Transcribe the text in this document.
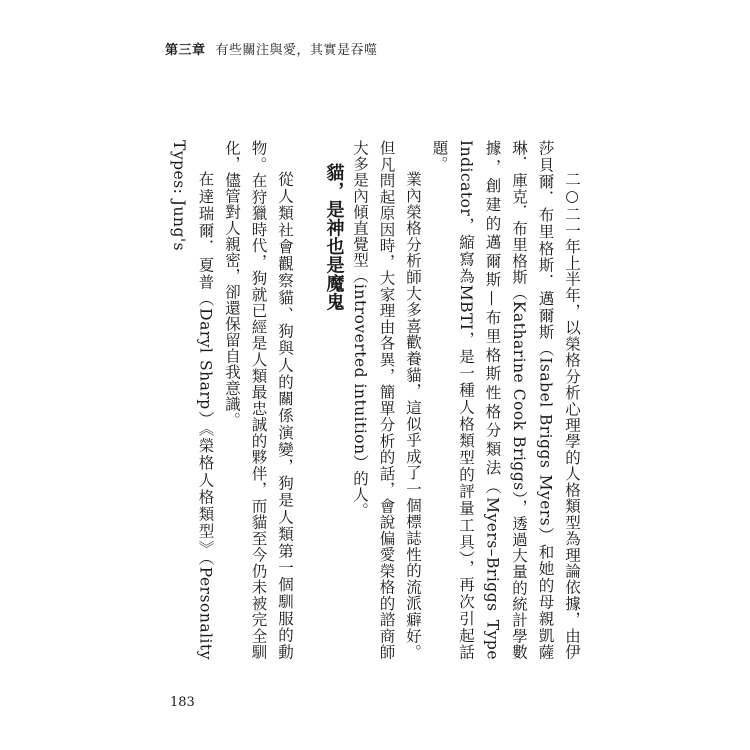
第三章 有些關注與愛，其實是吞噬

二○二一年上半年，以榮格分析心理學的人格類型為理論依據，由伊莎貝爾．布里格斯．邁爾斯（Isabel Briggs Myers）和她的母親凱薩琳．庫克．布里格斯（Katharine Cook Briggs），透過大量的統計學數據，創建的邁爾斯—布里格斯性格分類法（Myers–Briggs Type Indicator，縮寫為MBTI，是一種人格類型的評量工具），再次引起話題。

業內榮格分析師大多喜歡養貓，這似乎成了一個標誌性的流派癖好。但凡問起原因時，大家理由各異，簡單分析的話，會說偏愛榮格的諮商師大多是內傾直覺型（introverted intuition）的人。

貓，是神也是魔鬼

從人類社會觀察貓、狗與人的關係演變，狗是人類第一個馴服的動物。在狩獵時代，狗就已經是人類最忠誠的夥伴，而貓至今仍未被完全馴化，儘管對人親密，卻還保留自我意識。

在達瑞爾．夏普（Daryl Sharp）《榮格人格類型》（Personality Types: Jung's

183
